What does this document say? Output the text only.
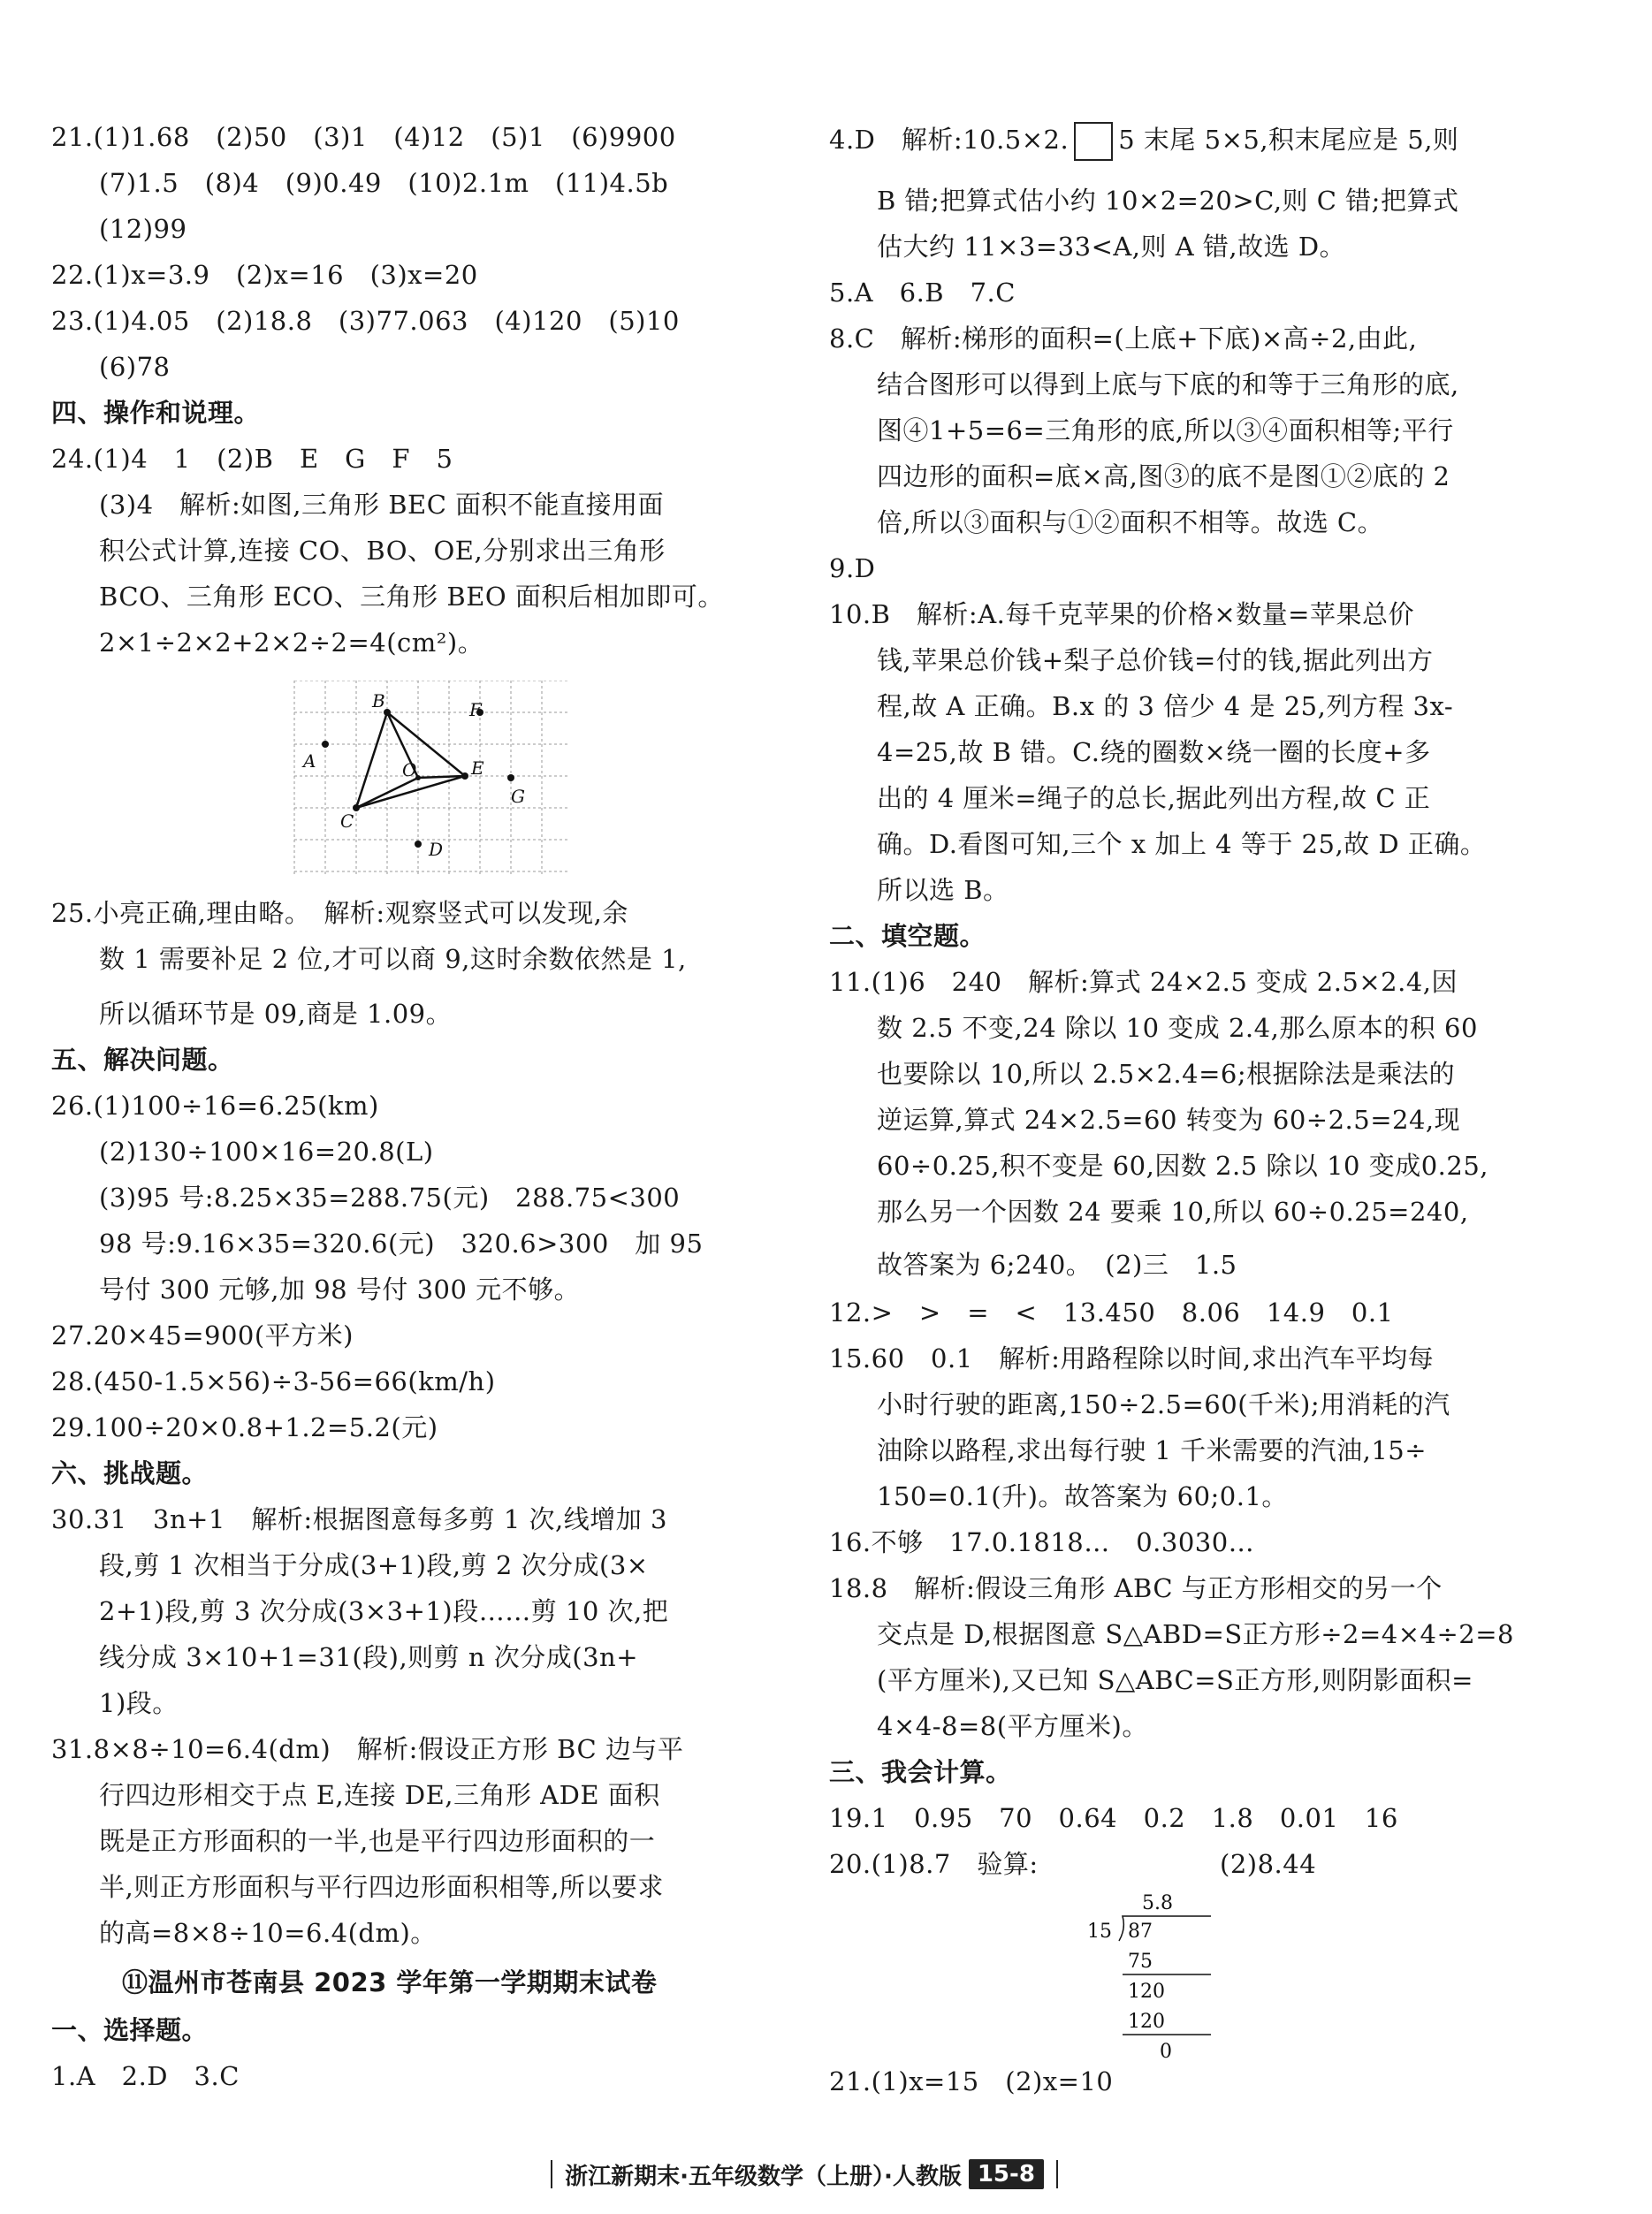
21.(1)1.68　(2)50　(3)1　(4)12　(5)1　(6)9900
(7)1.5　(8)4　(9)0.49　(10)2.1m　(11)4.5b
(12)99
22.(1)x=3.9　(2)x=16　(3)x=20
23.(1)4.05　(2)18.8　(3)77.063　(4)120　(5)10
(6)78
四、操作和说理。
24.(1)4　1　(2)B　E　G　F　5
(3)4　解析:如图,三角形 BEC 面积不能直接用面
积公式计算,连接 CO、BO、OE,分别求出三角形
BCO、三角形 ECO、三角形 BEO 面积后相加即可。
2×1÷2×2+2×2÷2=4(cm²)。
25.小亮正确,理由略。　解析:观察竖式可以发现,余
数 1 需要补足 2 位,才可以商 9,这时余数依然是 1,
所以循环节是 09,商是 1.09。
五、解决问题。
26.(1)100÷16=6.25(km)
(2)130÷100×16=20.8(L)
(3)95 号:8.25×35=288.75(元)　288.75<300
98 号:9.16×35=320.6(元)　320.6>300　加 95
号付 300 元够,加 98 号付 300 元不够。
27.20×45=900(平方米)
28.(450-1.5×56)÷3-56=66(km/h)
29.100÷20×0.8+1.2=5.2(元)
六、挑战题。
30.31　3n+1　解析:根据图意每多剪 1 次,线增加 3
段,剪 1 次相当于分成(3+1)段,剪 2 次分成(3×
2+1)段,剪 3 次分成(3×3+1)段……剪 10 次,把
线分成 3×10+1=31(段),则剪 n 次分成(3n+
1)段。
31.8×8÷10=6.4(dm)　解析:假设正方形 BC 边与平
行四边形相交于点 E,连接 DE,三角形 ADE 面积
既是正方形面积的一半,也是平行四边形面积的一
半,则正方形面积与平行四边形面积相等,所以要求
的高=8×8÷10=6.4(dm)。
⑪温州市苍南县 2023 学年第一学期期末试卷
一、选择题。
1.A　2.D　3.C
B	F
A	O	E
G
C
D
4.D　解析:10.5×2. 5 末尾 5×5,积末尾应是 5,则
B 错;把算式估小约 10×2=20>C,则 C 错;把算式
估大约 11×3=33<A,则 A 错,故选 D。
5.A　6.B　7.C
8.C　解析:梯形的面积=(上底+下底)×高÷2,由此,
结合图形可以得到上底与下底的和等于三角形的底,
图④1+5=6=三角形的底,所以③④面积相等;平行
四边形的面积=底×高,图③的底不是图①②底的 2
倍,所以③面积与①②面积不相等。故选 C。
9.D
10.B　解析:A.每千克苹果的价格×数量=苹果总价
钱,苹果总价钱+梨子总价钱=付的钱,据此列出方
程,故 A 正确。B.x 的 3 倍少 4 是 25,列方程 3x-
4=25,故 B 错。C.绕的圈数×绕一圈的长度+多
出的 4 厘米=绳子的总长,据此列出方程,故 C 正
确。D.看图可知,三个 x 加上 4 等于 25,故 D 正确。
所以选 B。
二、填空题。
11.(1)6　240　解析:算式 24×2.5 变成 2.5×2.4,因
数 2.5 不变,24 除以 10 变成 2.4,那么原本的积 60
也要除以 10,所以 2.5×2.4=6;根据除法是乘法的
逆运算,算式 24×2.5=60 转变为 60÷2.5=24,现
60÷0.25,积不变是 60,因数 2.5 除以 10 变成0.25,
那么另一个因数 24 要乘 10,所以 60÷0.25=240,
故答案为 6;240。　(2)三　1.5
12.>　>　=　<　13.450　8.06　14.9　0.1
15.60　0.1　解析:用路程除以时间,求出汽车平均每
小时行驶的距离,150÷2.5=60(千米);用消耗的汽
油除以路程,求出每行驶 1 千米需要的汽油,15÷
150=0.1(升)。故答案为 60;0.1。
16.不够　17.0.1818…　0.3030…
18.8　解析:假设三角形 ABC 与正方形相交的另一个
交点是 D,根据图意 S△ABD=S正方形÷2=4×4÷2=8
(平方厘米),又已知 S△ABC=S正方形,则阴影面积=
4×4-8=8(平方厘米)。
三、我会计算。
19.1　0.95　70　0.64　0.2　1.8　0.01　16
20.(1)8.7　验算:	(2)8.44
21.(1)x=15　(2)x=10
5.8
15 87
75
120
120
0
浙江新期末·五年级数学（上册）·人教版 15-8
